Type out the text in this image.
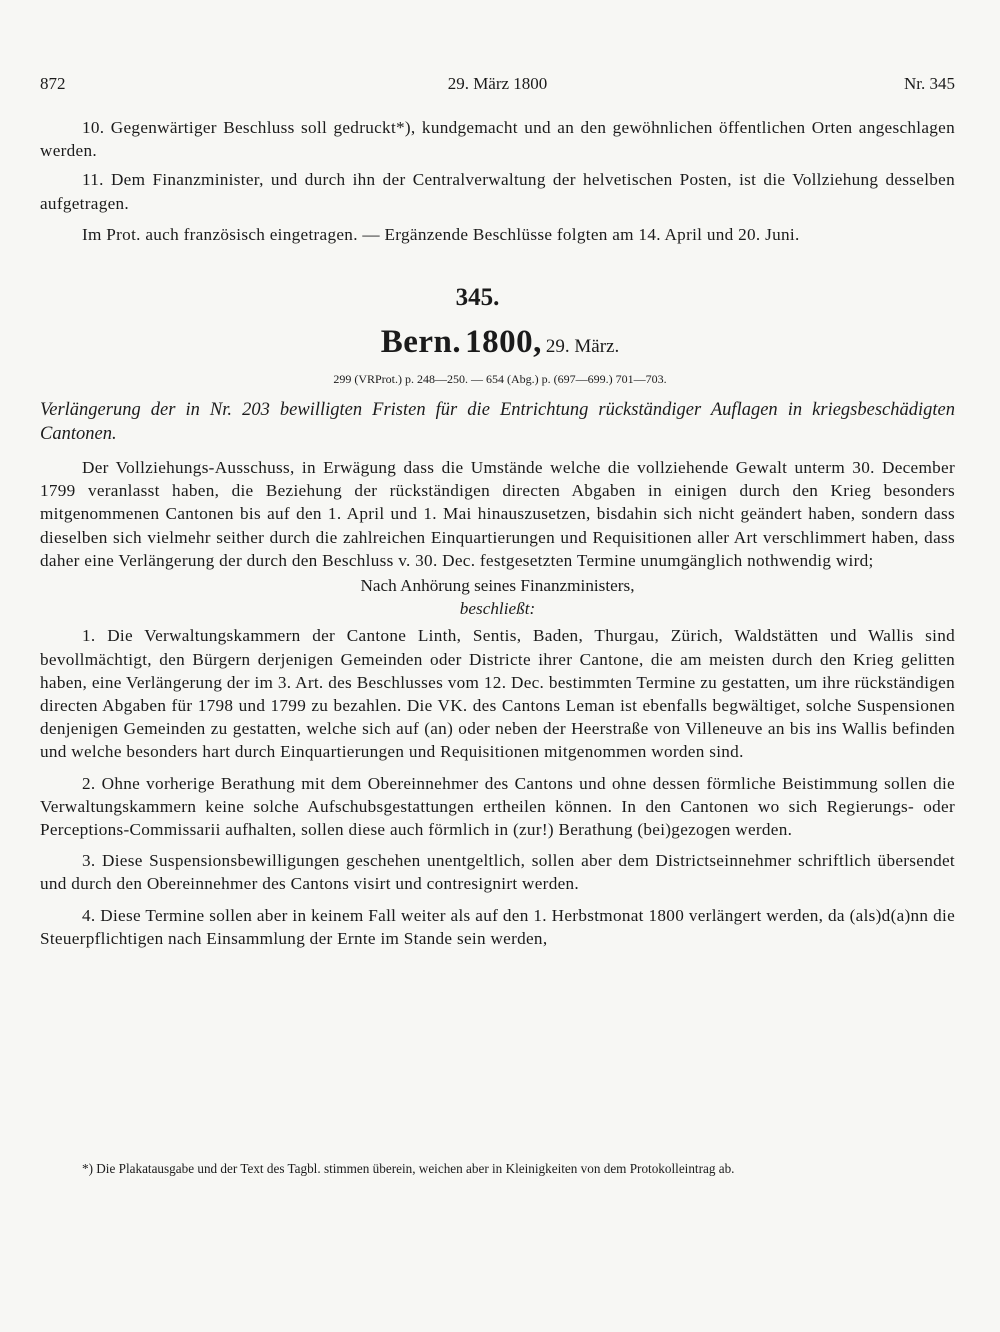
872	29. März 1800	Nr. 345

10. Gegenwärtiger Beschluss soll gedruckt*), kundgemacht und an den gewöhnlichen öffentlichen Orten angeschlagen werden.

11. Dem Finanzminister, und durch ihn der Centralverwaltung der helvetischen Posten, ist die Vollziehung desselben aufgetragen.

Im Prot. auch französisch eingetragen. — Ergänzende Beschlüsse folgten am 14. April und 20. Juni.

345.
Bern. 1800, 29. März.
299 (VRProt.) p. 248—250. — 654 (Abg.) p. (697—699.) 701—703.
Verlängerung der in Nr. 203 bewilligten Fristen für die Entrichtung rückständiger Auflagen in kriegsbeschädigten Cantonen.

Der Vollziehungs-Ausschuss, in Erwägung dass die Umstände welche die vollziehende Gewalt unterm 30. December 1799 veranlasst haben, die Beziehung der rückständigen directen Abgaben in einigen durch den Krieg besonders mitgenommenen Cantonen bis auf den 1. April und 1. Mai hinauszusetzen, bisdahin sich nicht geändert haben, sondern dass dieselben sich vielmehr seither durch die zahlreichen Einquartierungen und Requisitionen aller Art verschlimmert haben, dass daher eine Verlängerung der durch den Beschluss v. 30. Dec. festgesetzten Termine unumgänglich nothwendig wird;

Nach Anhörung seines Finanzministers,

beschließt:

1. Die Verwaltungskammern der Cantone Linth, Sentis, Baden, Thurgau, Zürich, Waldstätten und Wallis sind bevollmächtigt, den Bürgern derjenigen Gemeinden oder Districte ihrer Cantone, die am meisten durch den Krieg gelitten haben, eine Verlängerung der im 3. Art. des Beschlusses vom 12. Dec. bestimmten Termine zu gestatten, um ihre rückständigen directen Abgaben für 1798 und 1799 zu bezahlen. Die VK. des Cantons Leman ist ebenfalls begwältiget, solche Suspensionen denjenigen Gemeinden zu gestatten, welche sich auf (an) oder neben der Heerstraße von Villeneuve an bis ins Wallis befinden und welche besonders hart durch Einquartierungen und Requisitionen mitgenommen worden sind.

2. Ohne vorherige Berathung mit dem Obereinnehmer des Cantons und ohne dessen förmliche Beistimmung sollen die Verwaltungskammern keine solche Aufschubsgestattungen ertheilen können. In den Cantonen wo sich Regierungs- oder Perceptions-Commissarii aufhalten, sollen diese auch förmlich in (zur!) Berathung (bei)gezogen werden.

3. Diese Suspensionsbewilligungen geschehen unentgeltlich, sollen aber dem Districtseinnehmer schriftlich übersendet und durch den Obereinnehmer des Cantons visirt und contresignirt werden.

4. Diese Termine sollen aber in keinem Fall weiter als auf den 1. Herbstmonat 1800 verlängert werden, da (als)d(a)nn die Steuerpflichtigen nach Einsammlung der Ernte im Stande sein werden,

*) Die Plakatausgabe und der Text des Tagbl. stimmen überein, weichen aber in Kleinigkeiten von dem Protokolleintrag ab.
